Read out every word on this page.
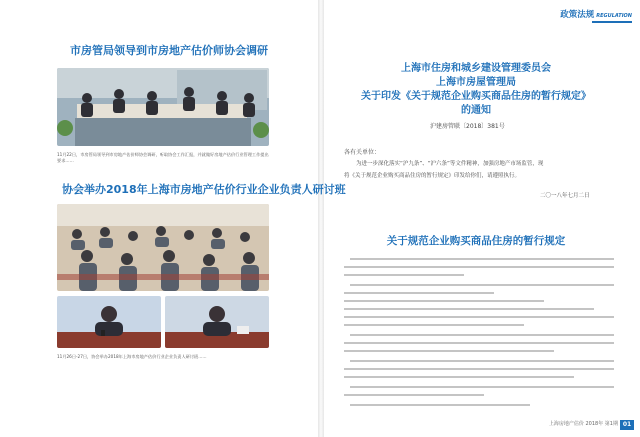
市房管局领导到市房地产估价师协会调研
11月22日，市房管局领导到市房地产估价师协会调研，听取协会工作汇报，并就做好房地产估价行业管理工作提出要求……
协会举办2018年上海市房地产估价行业企业负责人研讨班
11月26日-27日，协会举办2018年上海市房地产估价行业企业负责人研讨班……
政策法规 REGULATION
上海市住房和城乡建设管理委员会
上海市房屋管理局
关于印发《关于规范企业购买商品住房的暂行规定》
的通知
沪建房管联〔2018〕381号
各有关单位：
为进一步深化落实“沪九条”、“沪六条”等文件精神，加强房地产市场监管，现
将《关于规范企业购买商品住房的暂行规定》印发给你们，请遵照执行。
二〇一八年七月二日
关于规范企业购买商品住房的暂行规定
上海房地产估价 2018年 第1期 01
